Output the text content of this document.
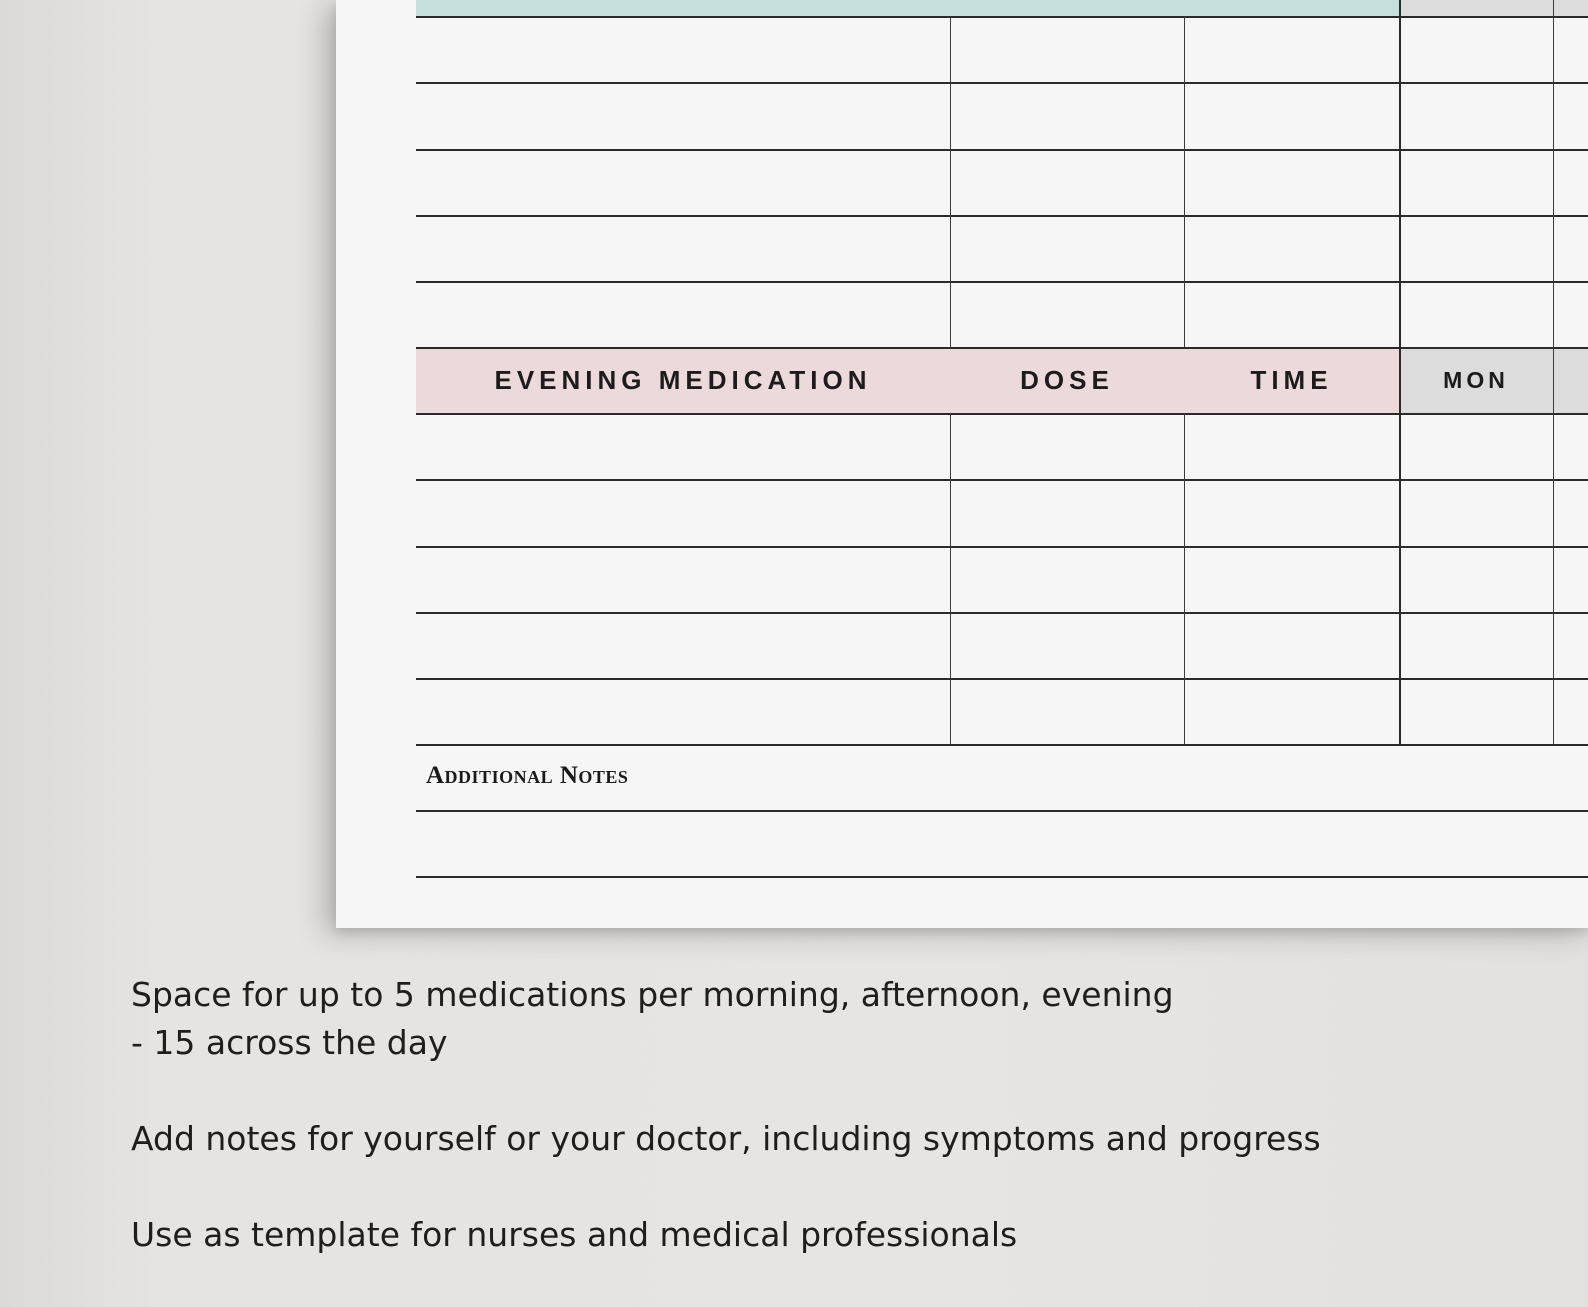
EVENING MEDICATION	DOSE	TIME	MON
Additional Notes
Space for up to 5 medications per morning, afternoon, evening
- 15 across the day
Add notes for yourself or your doctor, including symptoms and progress
Use as template for nurses and medical professionals
